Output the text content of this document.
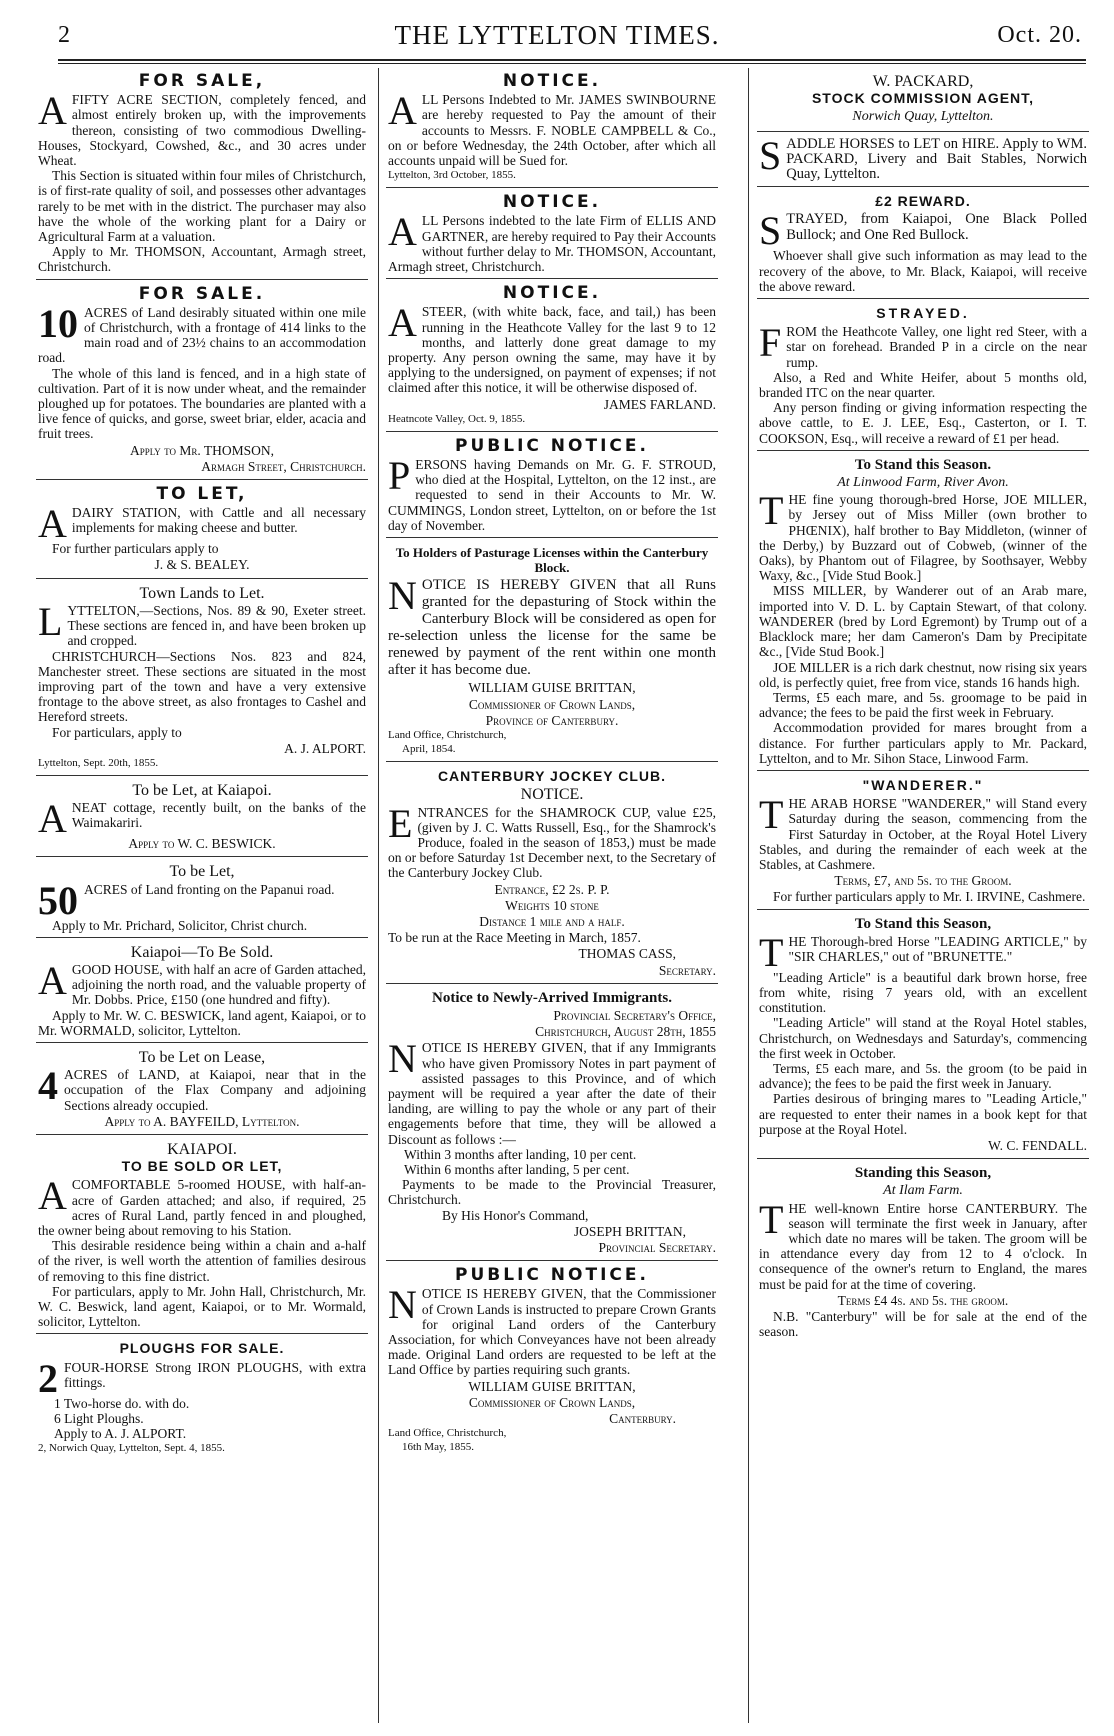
2	THE LYTTELTON TIMES.	Oct. 20.
FOR SALE,
A FIFTY ACRE SECTION, completely fenced, and almost entirely broken up, with the improvements thereon, consisting of two commodious Dwelling-Houses, Stockyard, Cowshed, &c., and 30 acres under Wheat.

This Section is situated within four miles of Christchurch, is of first-rate quality of soil, and possesses other advantages rarely to be met with in the district. The purchaser may also have the whole of the working plant for a Dairy or Agricultural Farm at a valuation.

Apply to Mr. THOMSON, Accountant, Armagh street, Christchurch.

FOR SALE.
10 ACRES of Land desirably situated within one mile of Christchurch, with a frontage of 414 links to the main road and of 23½ chains to an accommodation road.

The whole of this land is fenced, and in a high state of cultivation. Part of it is now under wheat, and the remainder ploughed up for potatoes. The boundaries are planted with a live fence of quicks, and gorse, sweet briar, elder, acacia and fruit trees.

Apply to Mr. THOMSON,

Armagh Street, Christchurch.

TO LET,
A DAIRY STATION, with Cattle and all necessary implements for making cheese and butter.

For further particulars apply to

J. & S. BEALEY.

Town Lands to Let.
L YTTELTON,—Sections, Nos. 89 & 90, Exeter street. These sections are fenced in, and have been broken up and cropped.

CHRISTCHURCH—Sections Nos. 823 and 824, Manchester street. These sections are situated in the most improving part of the town and have a very extensive frontage to the above street, as also frontages to Cashel and Hereford streets.

For particulars, apply to

A. J. ALPORT.

Lyttelton, Sept. 20th, 1855.

To be Let, at Kaiapoi.
A NEAT cottage, recently built, on the banks of the Waimakariri.

Apply to W. C. BESWICK.

To be Let,
50 ACRES of Land fronting on the Papanui road.

Apply to Mr. Prichard, Solicitor, Christ church.

Kaiapoi—To Be Sold.
A GOOD HOUSE, with half an acre of Garden attached, adjoining the north road, and the valuable property of Mr. Dobbs. Price, £150 (one hundred and fifty).

Apply to Mr. W. C. BESWICK, land agent, Kaiapoi, or to Mr. WORMALD, solicitor, Lyttelton.

To be Let on Lease,
4 ACRES of LAND, at Kaiapoi, near that in the occupation of the Flax Company and adjoining Sections already occupied.

Apply to A. BAYFEILD, Lyttelton.

KAIAPOI.
TO BE SOLD OR LET,
A COMFORTABLE 5-roomed HOUSE, with half-an-acre of Garden attached; and also, if required, 25 acres of Rural Land, partly fenced in and ploughed, the owner being about removing to his Station.

This desirable residence being within a chain and a-half of the river, is well worth the attention of families desirous of removing to this fine district.

For particulars, apply to Mr. John Hall, Christchurch, Mr. W. C. Beswick, land agent, Kaiapoi, or to Mr. Wormald, solicitor, Lyttelton.

PLOUGHS FOR SALE.
2 FOUR-HORSE Strong IRON PLOUGHS, with extra fittings.

1 Two-horse do. with do.

6 Light Ploughs.

Apply to A. J. ALPORT.

2, Norwich Quay, Lyttelton, Sept. 4, 1855.

NOTICE.
A LL Persons Indebted to Mr. JAMES SWINBOURNE are hereby requested to Pay the amount of their accounts to Messrs. F. NOBLE CAMPBELL & Co., on or before Wednesday, the 24th October, after which all accounts unpaid will be Sued for.

Lyttelton, 3rd October, 1855.

NOTICE.
A LL Persons indebted to the late Firm of ELLIS AND GARTNER, are hereby required to Pay their Accounts without further delay to Mr. THOMSON, Accountant, Armagh street, Christchurch.

NOTICE.
A STEER, (with white back, face, and tail,) has been running in the Heathcote Valley for the last 9 to 12 months, and latterly done great damage to my property. Any person owning the same, may have it by applying to the undersigned, on payment of expenses; if not claimed after this notice, it will be otherwise disposed of.

JAMES FARLAND.

Heatncote Valley, Oct. 9, 1855.

PUBLIC NOTICE.
P ERSONS having Demands on Mr. G. F. STROUD, who died at the Hospital, Lyttelton, on the 12 inst., are requested to send in their Accounts to Mr. W. CUMMINGS, London street, Lyttelton, on or before the 1st day of November.

To Holders of Pasturage Licenses within the Canterbury Block.
N OTICE IS HEREBY GIVEN that all Runs granted for the depasturing of Stock within the Canterbury Block will be considered as open for re-selection unless the license for the same be renewed by payment of the rent within one month after it has become due.

WILLIAM GUISE BRITTAN,

Commissioner of Crown Lands,

Province of Canterbury.

Land Office, Christchurch,

April, 1854.

CANTERBURY JOCKEY CLUB.
NOTICE.
E NTRANCES for the SHAMROCK CUP, value £25, (given by J. C. Watts Russell, Esq., for the Shamrock's Produce, foaled in the season of 1853,) must be made on or before Saturday 1st December next, to the Secretary of the Canterbury Jockey Club.

Entrance, £2 2s. P. P.

Weights 10 stone

Distance 1 mile and a half.

To be run at the Race Meeting in March, 1857.

THOMAS CASS,

Secretary.

Notice to Newly-Arrived Immigrants.

Provincial Secretary's Office,

Christchurch, August 28th, 1855

N OTICE IS HEREBY GIVEN, that if any Immigrants who have given Promissory Notes in part payment of assisted passages to this Province, and of which payment will be required a year after the date of their landing, are willing to pay the whole or any part of their engagements before that time, they will be allowed a Discount as follows :—

Within 3 months after landing, 10 per cent.

Within 6 months after landing, 5 per cent.

Payments to be made to the Provincial Treasurer, Christchurch.

By His Honor's Command,

JOSEPH BRITTAN,

Provincial Secretary.

PUBLIC NOTICE.
N OTICE IS HEREBY GIVEN, that the Commissioner of Crown Lands is instructed to prepare Crown Grants for original Land orders of the Canterbury Association, for which Conveyances have not been already made. Original Land orders are requested to be left at the Land Office by parties requiring such grants.

WILLIAM GUISE BRITTAN,

Commissioner of Crown Lands,

Canterbury.

Land Office, Christchurch,

16th May, 1855.

W. PACKARD,
STOCK COMMISSION AGENT,
Norwich Quay, Lyttelton.
S ADDLE HORSES to LET on HIRE. Apply to WM. PACKARD, Livery and Bait Stables, Norwich Quay, Lyttelton.

£2 REWARD.
S TRAYED, from Kaiapoi, One Black Polled Bullock; and One Red Bullock.

Whoever shall give such information as may lead to the recovery of the above, to Mr. Black, Kaiapoi, will receive the above reward.

STRAYED.
F ROM the Heathcote Valley, one light red Steer, with a star on forehead. Branded P in a circle on the near rump.

Also, a Red and White Heifer, about 5 months old, branded ITC on the near quarter.

Any person finding or giving information respecting the above cattle, to E. J. LEE, Esq., Casterton, or I. T. COOKSON, Esq., will receive a reward of £1 per head.

To Stand this Season.
At Linwood Farm, River Avon.
T HE fine young thorough-bred Horse, JOE MILLER, by Jersey out of Miss Miller (own brother to PHŒNIX), half brother to Bay Middleton, (winner of the Derby,) by Buzzard out of Cobweb, (winner of the Oaks), by Phantom out of Filagree, by Soothsayer, Webby Waxy, &c., [Vide Stud Book.]

MISS MILLER, by Wanderer out of an Arab mare, imported into V. D. L. by Captain Stewart, of that colony. WANDERER (bred by Lord Egremont) by Trump out of a Blacklock mare; her dam Cameron's Dam by Precipitate &c., [Vide Stud Book.]

JOE MILLER is a rich dark chestnut, now rising six years old, is perfectly quiet, free from vice, stands 16 hands high.

Terms, £5 each mare, and 5s. groomage to be paid in advance; the fees to be paid the first week in February.

Accommodation provided for mares brought from a distance. For further particulars apply to Mr. Packard, Lyttelton, and to Mr. Sihon Stace, Linwood Farm.

"WANDERER."
T HE ARAB HORSE "WANDERER," will Stand every Saturday during the season, commencing from the First Saturday in October, at the Royal Hotel Livery Stables, and during the remainder of each week at the Stables, at Cashmere.

Terms, £7, and 5s. to the Groom.

For further particulars apply to Mr. I. IRVINE, Cashmere.

To Stand this Season,
T HE Thorough-bred Horse "LEADING ARTICLE," by "SIR CHARLES," out of "BRUNETTE."

"Leading Article" is a beautiful dark brown horse, free from white, rising 7 years old, with an excellent constitution.

"Leading Article" will stand at the Royal Hotel stables, Christchurch, on Wednesdays and Saturday's, commencing the first week in October.

Terms, £5 each mare, and 5s. the groom (to be paid in advance); the fees to be paid the first week in January.

Parties desirous of bringing mares to "Leading Article," are requested to enter their names in a book kept for that purpose at the Royal Hotel.

W. C. FENDALL.

Standing this Season,
At Ilam Farm.
T HE well-known Entire horse CANTERBURY. The season will terminate the first week in January, after which date no mares will be taken. The groom will be in attendance every day from 12 to 4 o'clock. In consequence of the owner's return to England, the mares must be paid for at the time of covering.

Terms £4 4s. and 5s. the groom.

N.B. "Canterbury" will be for sale at the end of the season.
